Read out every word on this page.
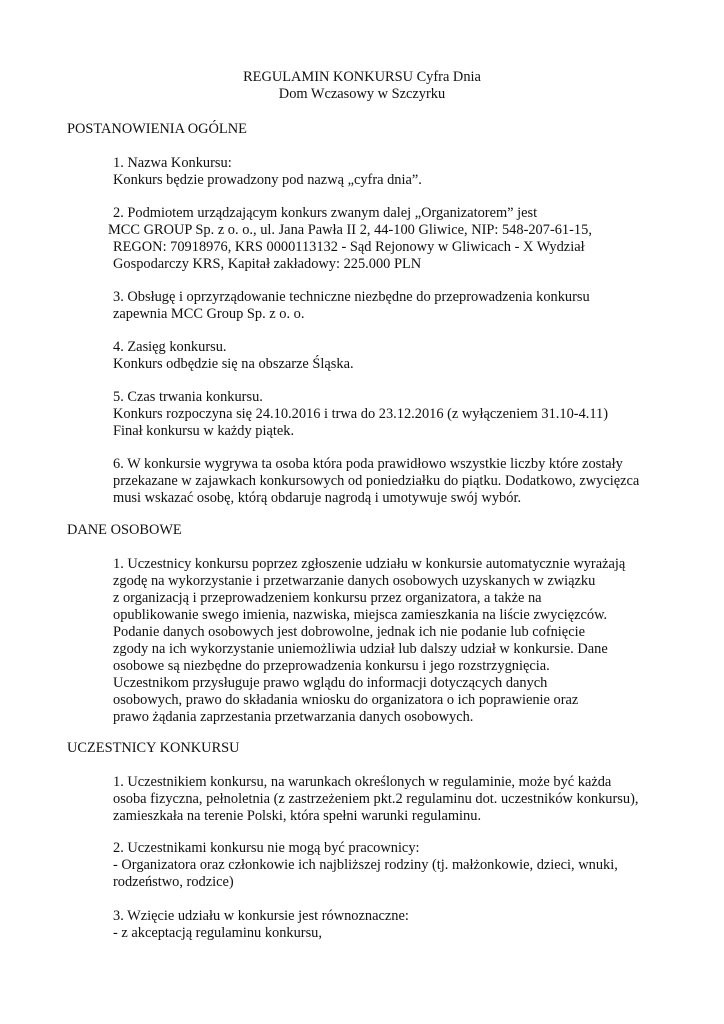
REGULAMIN KONKURSU Cyfra Dnia
Dom Wczasowy w Szczyrku
POSTANOWIENIA OGÓLNE
1. Nazwa Konkursu:
Konkurs będzie prowadzony pod nazwą „cyfra dnia”.
2. Podmiotem urządzającym konkurs zwanym dalej „Organizatorem” jest
MCC GROUP Sp. z o. o., ul. Jana Pawła II 2, 44-100 Gliwice, NIP: 548-207-61-15,
REGON: 70918976, KRS 0000113132 - Sąd Rejonowy w Gliwicach - X Wydział
Gospodarczy KRS, Kapitał zakładowy: 225.000 PLN
3. Obsługę i oprzyrządowanie techniczne niezbędne do przeprowadzenia konkursu
zapewnia MCC Group Sp. z o. o.
4. Zasięg konkursu.
Konkurs odbędzie się na obszarze Śląska.
5. Czas trwania konkursu.
Konkurs rozpoczyna się 24.10.2016 i trwa do 23.12.2016 (z wyłączeniem 31.10-4.11)
Finał konkursu w każdy piątek.
6. W konkursie wygrywa ta osoba która poda prawidłowo wszystkie liczby które zostały
przekazane w zajawkach konkursowych od poniedziałku do piątku. Dodatkowo, zwycięzca
musi wskazać osobę, którą obdaruje nagrodą i umotywuje swój wybór.
DANE OSOBOWE
1. Uczestnicy konkursu poprzez zgłoszenie udziału w konkursie automatycznie wyrażają
zgodę na wykorzystanie i przetwarzanie danych osobowych uzyskanych w związku
z organizacją i przeprowadzeniem konkursu przez organizatora, a także na
opublikowanie swego imienia, nazwiska, miejsca zamieszkania na liście zwycięzców.
Podanie danych osobowych jest dobrowolne, jednak ich nie podanie lub cofnięcie
zgody na ich wykorzystanie uniemożliwia udział lub dalszy udział w konkursie. Dane
osobowe są niezbędne do przeprowadzenia konkursu i jego rozstrzygnięcia.
Uczestnikom przysługuje prawo wglądu do informacji dotyczących danych
osobowych, prawo do składania wniosku do organizatora o ich poprawienie oraz
prawo żądania zaprzestania przetwarzania danych osobowych.
UCZESTNICY KONKURSU
1. Uczestnikiem konkursu, na warunkach określonych w regulaminie, może być każda
osoba fizyczna, pełnoletnia (z zastrzeżeniem pkt.2 regulaminu dot. uczestników konkursu),
zamieszkała na terenie Polski, która spełni warunki regulaminu.
2. Uczestnikami konkursu nie mogą być pracownicy:
- Organizatora oraz członkowie ich najbliższej rodziny (tj. małżonkowie, dzieci, wnuki,
rodzeństwo, rodzice)
3. Wzięcie udziału w konkursie jest równoznaczne:
- z akceptacją regulaminu konkursu,
